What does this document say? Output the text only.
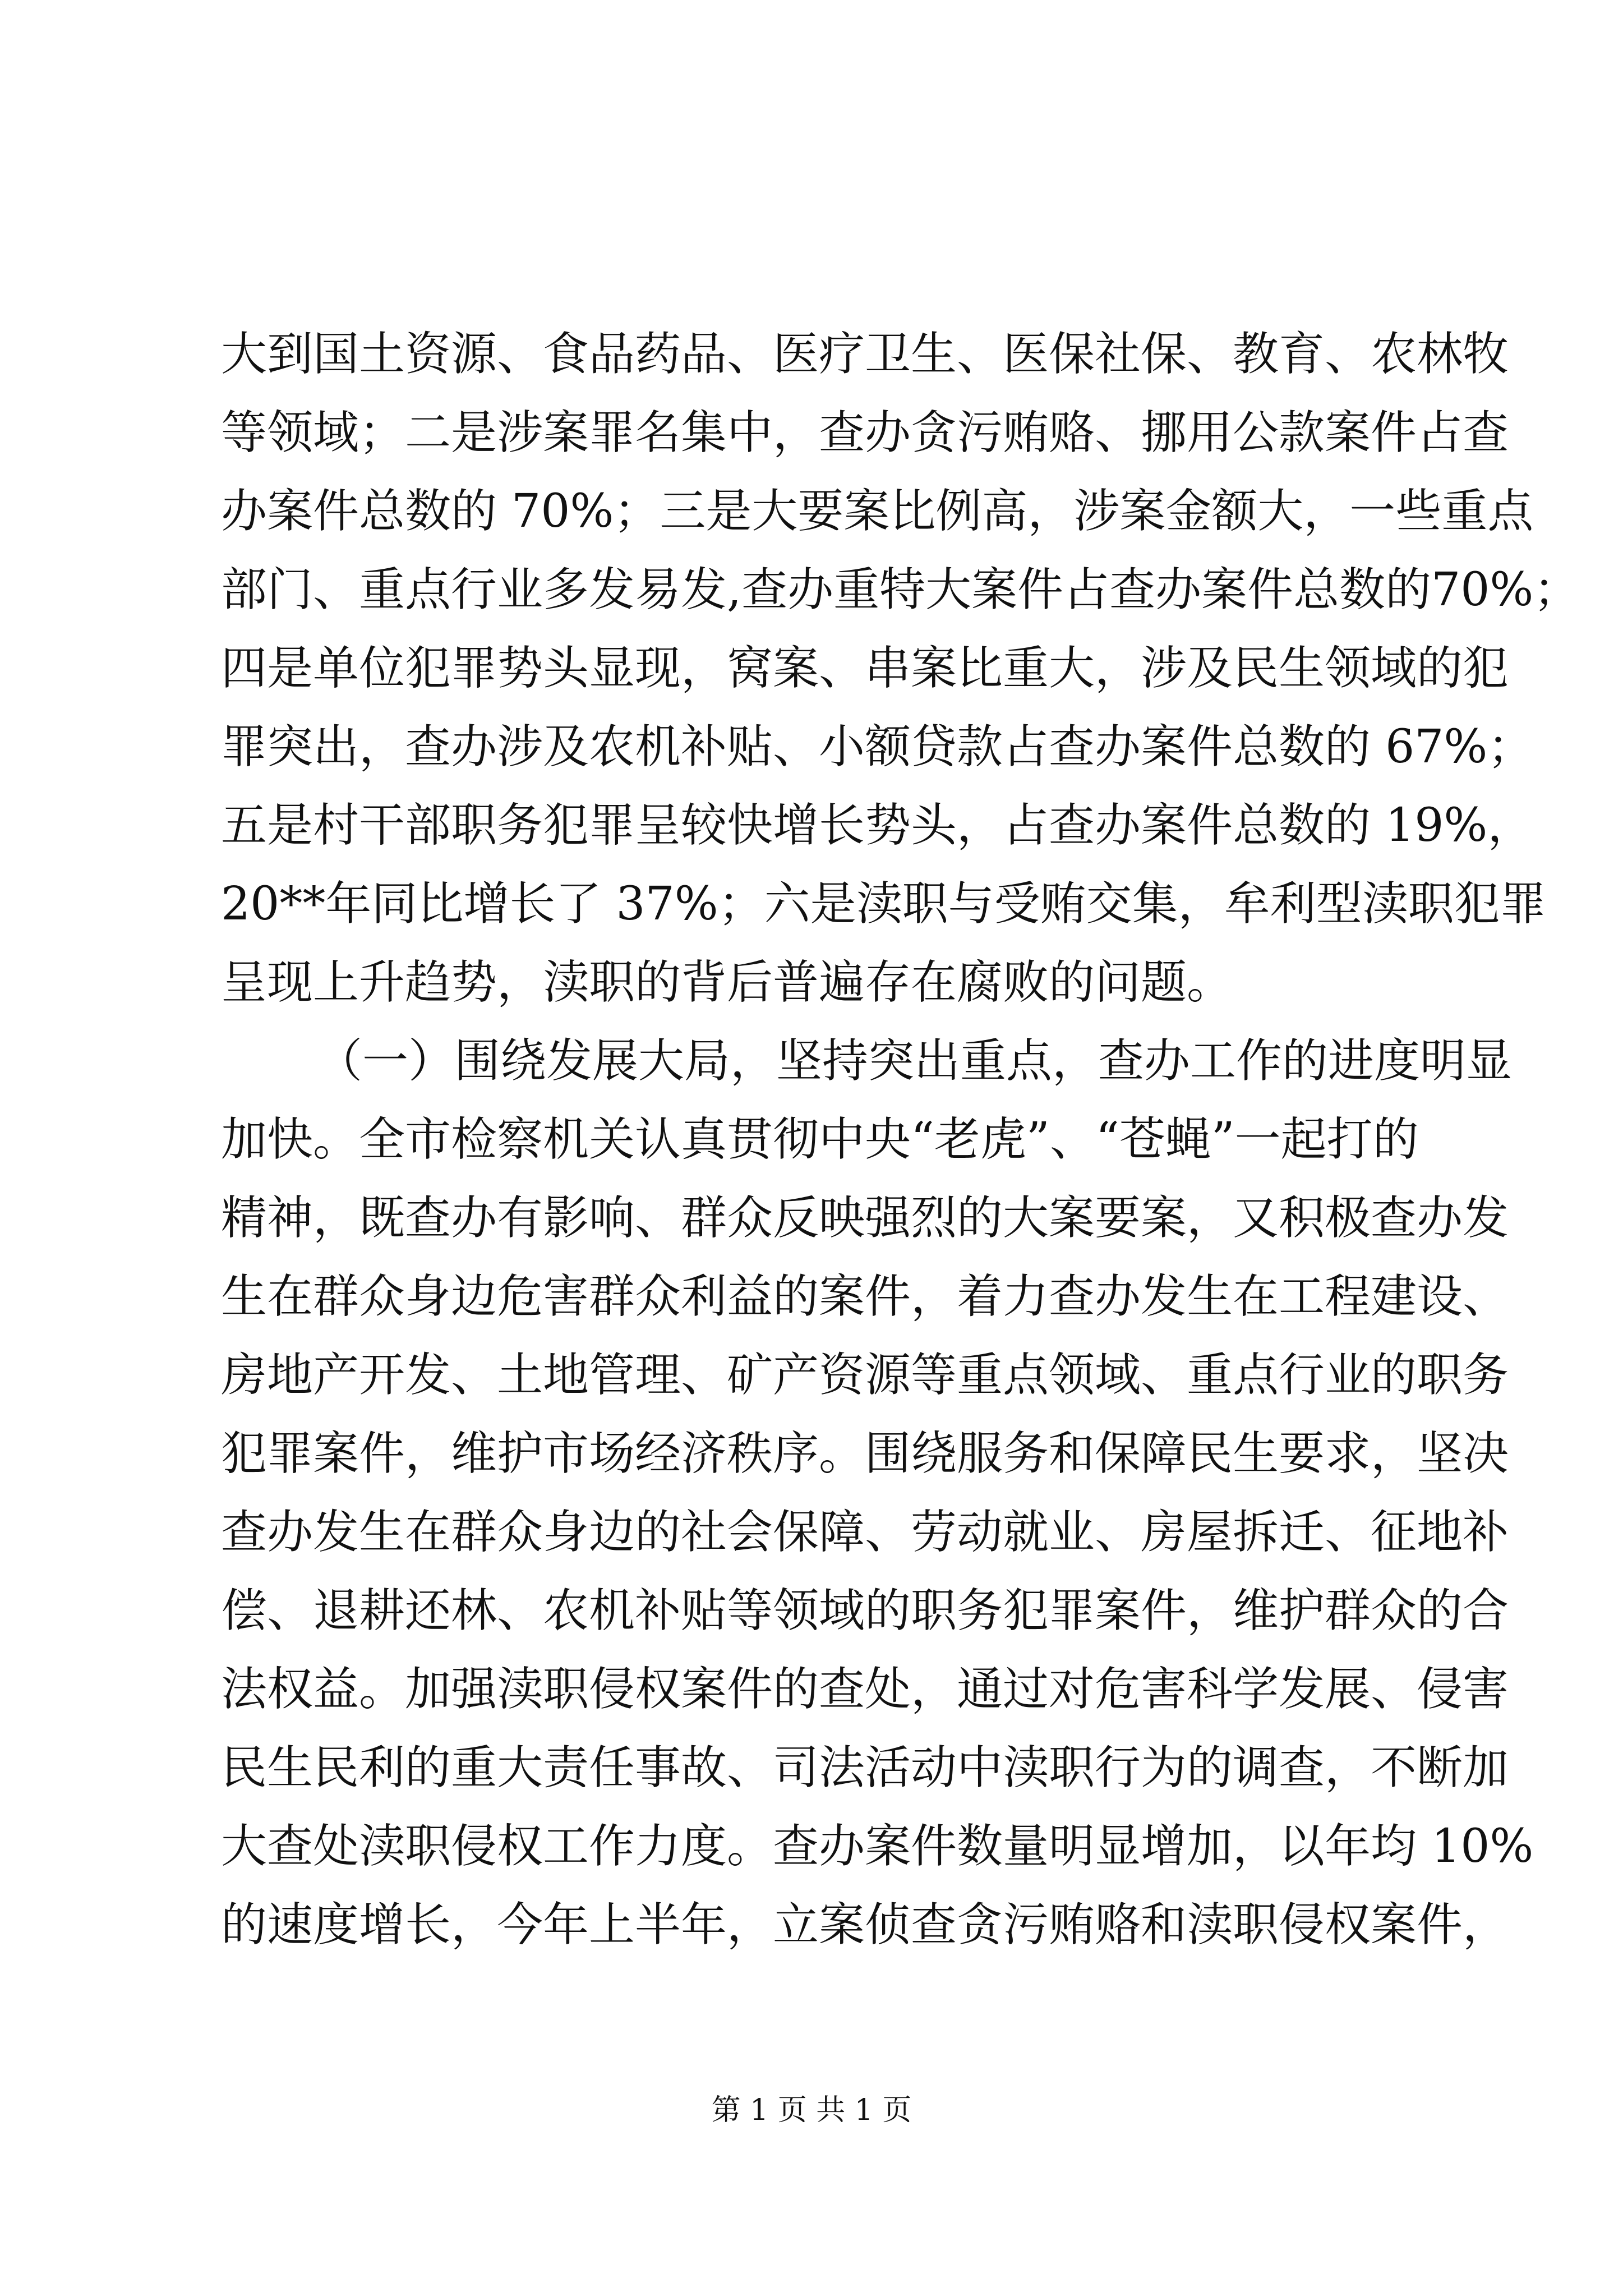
大到国土资源、食品药品、医疗卫生、医保社保、教育、农林牧
等领域；二是涉案罪名集中，查办贪污贿赂、挪用公款案件占查
办案件总数的 70%；三是大要案比例高，涉案金额大，一些重点
部门、重点行业多发易发,查办重特大案件占查办案件总数的70%；
四是单位犯罪势头显现，窝案、串案比重大，涉及民生领域的犯
罪突出，查办涉及农机补贴、小额贷款占查办案件总数的 67%；
五是村干部职务犯罪呈较快增长势头，占查办案件总数的 19%，
20**年同比增长了 37%；六是渎职与受贿交集，牟利型渎职犯罪
呈现上升趋势，渎职的背后普遍存在腐败的问题。
（一）围绕发展大局，坚持突出重点，查办工作的进度明显
加快。全市检察机关认真贯彻中央“老虎”、“苍蝇”一起打的
精神，既查办有影响、群众反映强烈的大案要案，又积极查办发
生在群众身边危害群众利益的案件，着力查办发生在工程建设、
房地产开发、土地管理、矿产资源等重点领域、重点行业的职务
犯罪案件，维护市场经济秩序。围绕服务和保障民生要求，坚决
查办发生在群众身边的社会保障、劳动就业、房屋拆迁、征地补
偿、退耕还林、农机补贴等领域的职务犯罪案件，维护群众的合
法权益。加强渎职侵权案件的查处，通过对危害科学发展、侵害
民生民利的重大责任事故、司法活动中渎职行为的调查，不断加
大查处渎职侵权工作力度。查办案件数量明显增加，以年均 10%
的速度增长，今年上半年，立案侦查贪污贿赂和渎职侵权案件，
第 1 页 共 1 页
